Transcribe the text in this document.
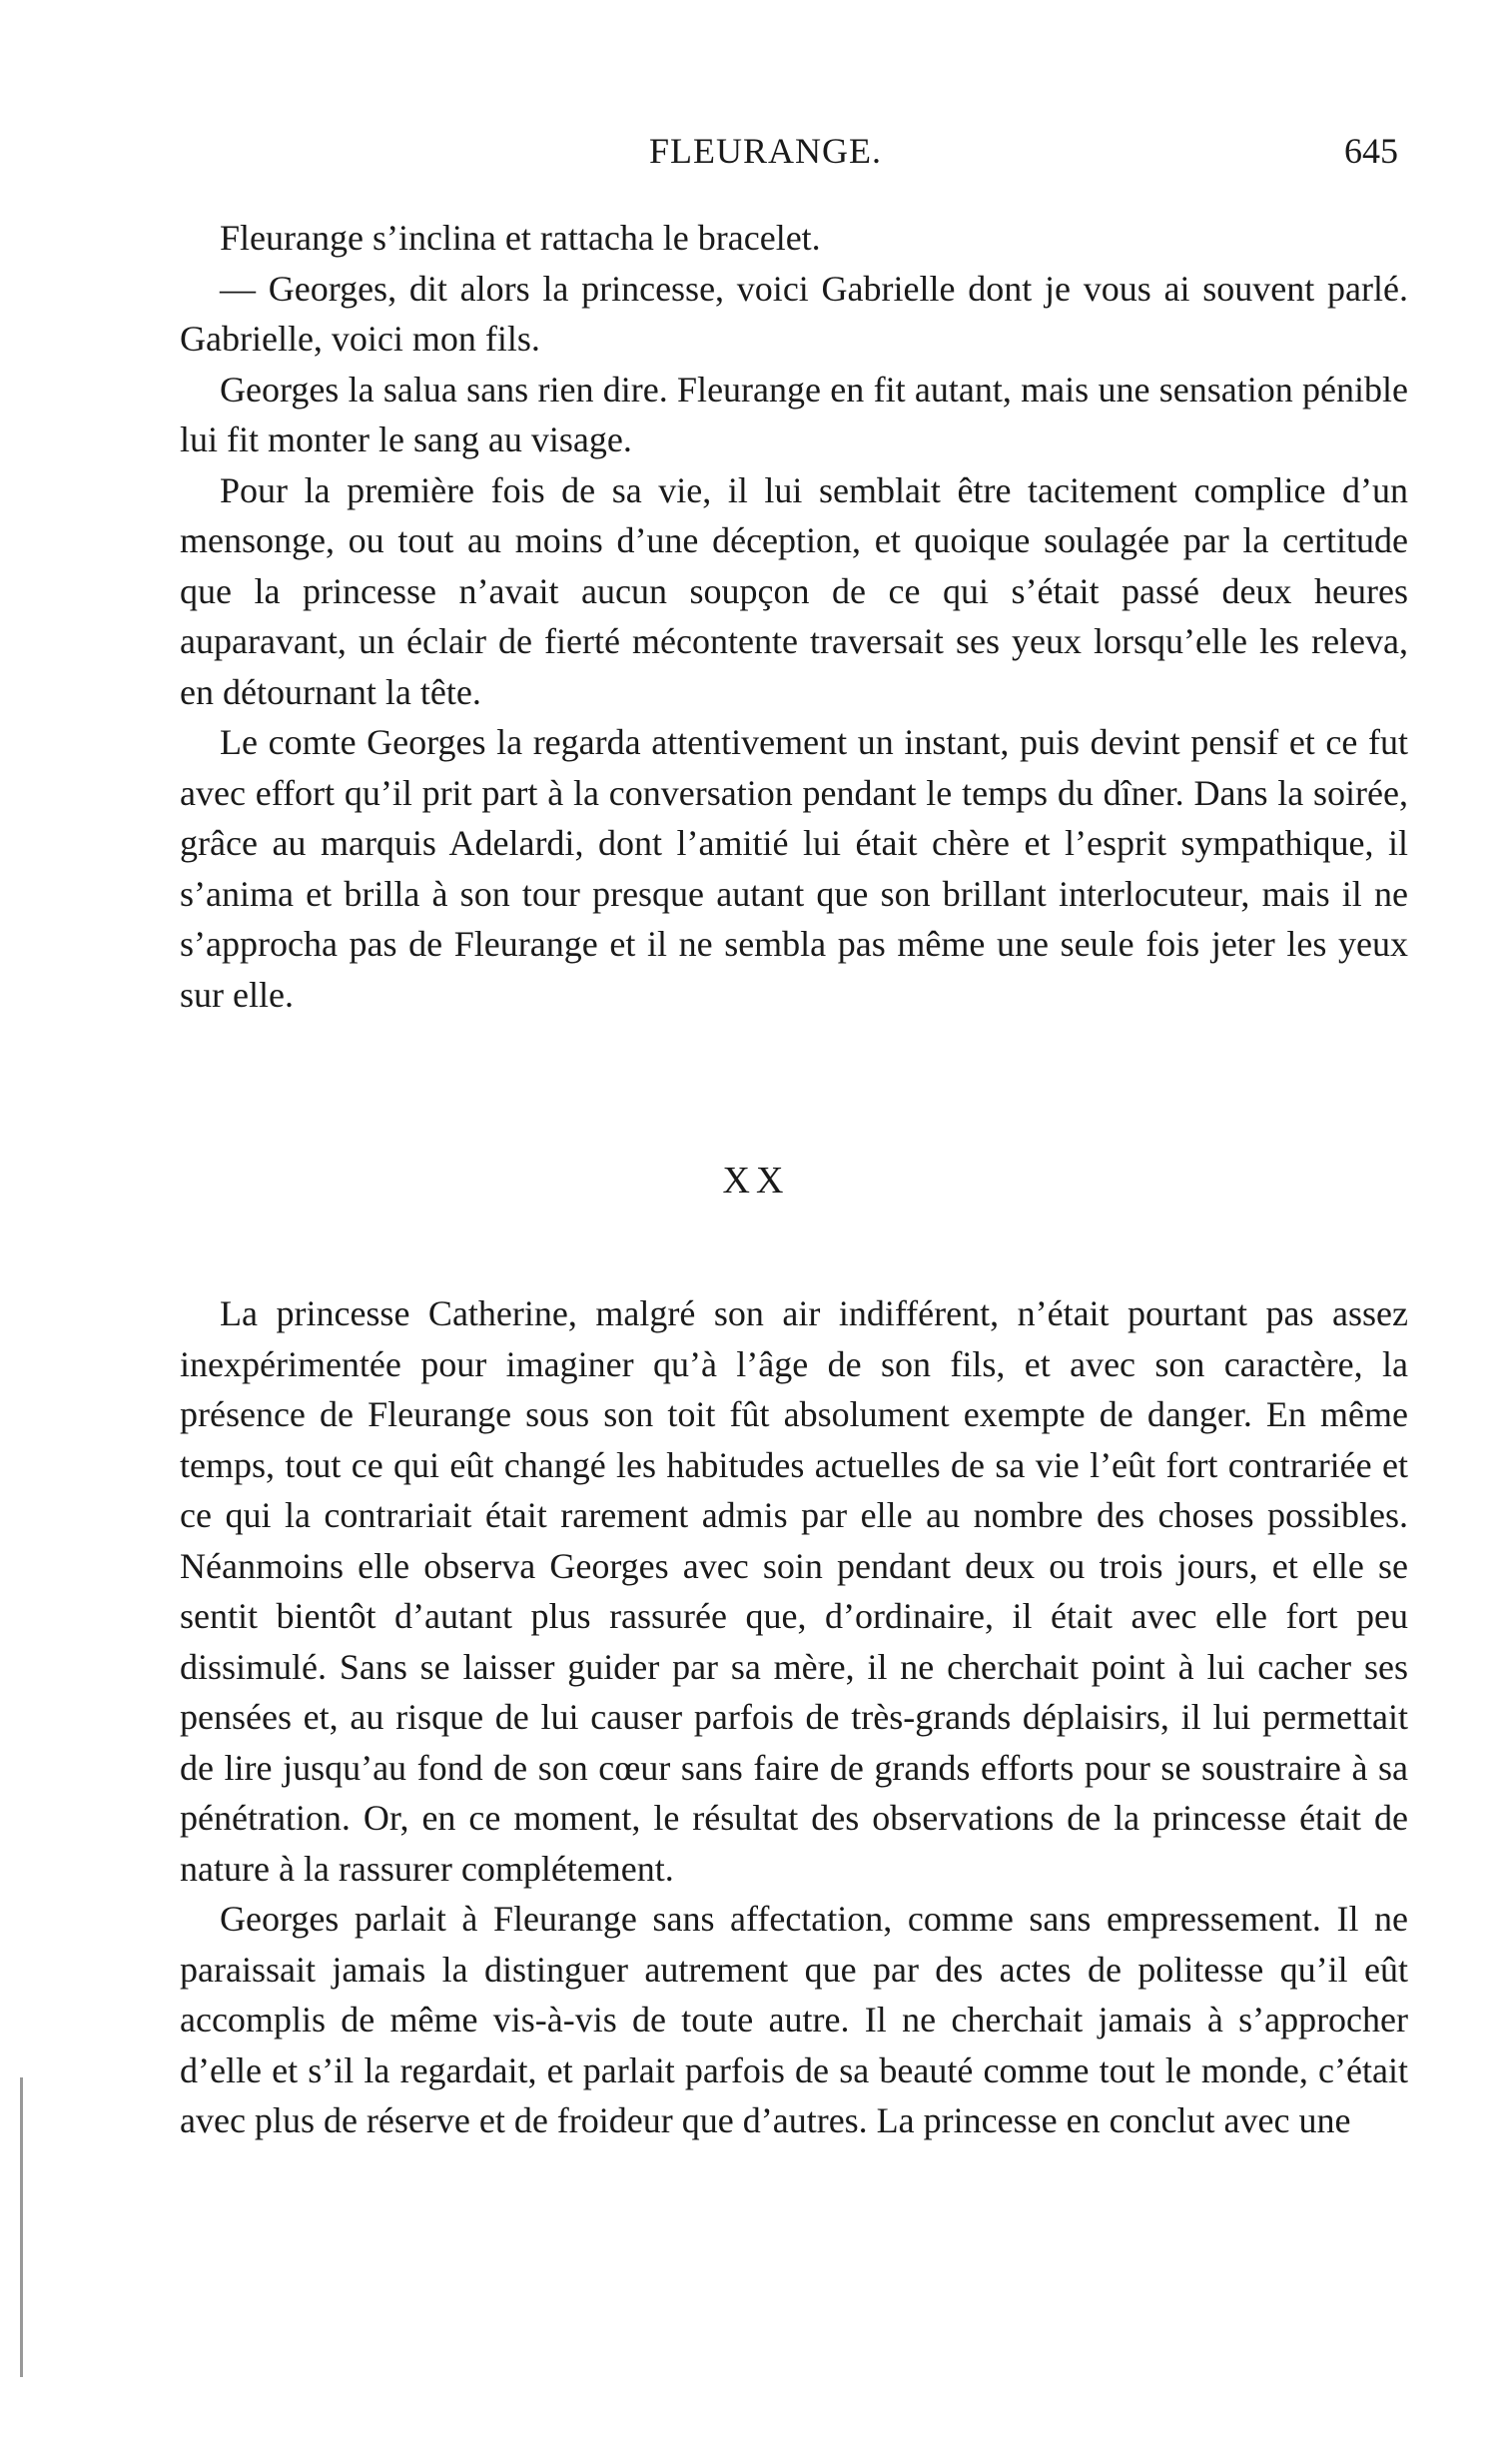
FLEURANGE.	645

Fleurange s’inclina et rattacha le bracelet.

— Georges, dit alors la princesse, voici Gabrielle dont je vous ai souvent parlé. Gabrielle, voici mon fils.

Georges la salua sans rien dire. Fleurange en fit autant, mais une sensation pénible lui fit monter le sang au visage.

Pour la première fois de sa vie, il lui semblait être tacitement complice d’un mensonge, ou tout au moins d’une déception, et quoique soulagée par la certitude que la princesse n’avait aucun soupçon de ce qui s’était passé deux heures auparavant, un éclair de fierté mécontente traversait ses yeux lorsqu’elle les releva, en détournant la tête.

Le comte Georges la regarda attentivement un instant, puis devint pensif et ce fut avec effort qu’il prit part à la conversation pendant le temps du dîner. Dans la soirée, grâce au marquis Adelardi, dont l’amitié lui était chère et l’esprit sympathique, il s’anima et brilla à son tour presque autant que son brillant interlocuteur, mais il ne s’approcha pas de Fleurange et il ne sembla pas même une seule fois jeter les yeux sur elle.

XX

La princesse Catherine, malgré son air indifférent, n’était pourtant pas assez inexpérimentée pour imaginer qu’à l’âge de son fils, et avec son caractère, la présence de Fleurange sous son toit fût absolument exempte de danger. En même temps, tout ce qui eût changé les habitudes actuelles de sa vie l’eût fort contrariée et ce qui la contrariait était rarement admis par elle au nombre des choses possibles. Néanmoins elle observa Georges avec soin pendant deux ou trois jours, et elle se sentit bientôt d’autant plus rassurée que, d’ordinaire, il était avec elle fort peu dissimulé. Sans se laisser guider par sa mère, il ne cherchait point à lui cacher ses pensées et, au risque de lui causer parfois de très-grands déplaisirs, il lui permettait de lire jusqu’au fond de son cœur sans faire de grands efforts pour se soustraire à sa pénétration. Or, en ce moment, le résultat des observations de la princesse était de nature à la rassurer complétement.

Georges parlait à Fleurange sans affectation, comme sans empressement. Il ne paraissait jamais la distinguer autrement que par des actes de politesse qu’il eût accomplis de même vis-à-vis de toute autre. Il ne cherchait jamais à s’approcher d’elle et s’il la regardait, et parlait parfois de sa beauté comme tout le monde, c’était avec plus de réserve et de froideur que d’autres. La princesse en conclut avec une
